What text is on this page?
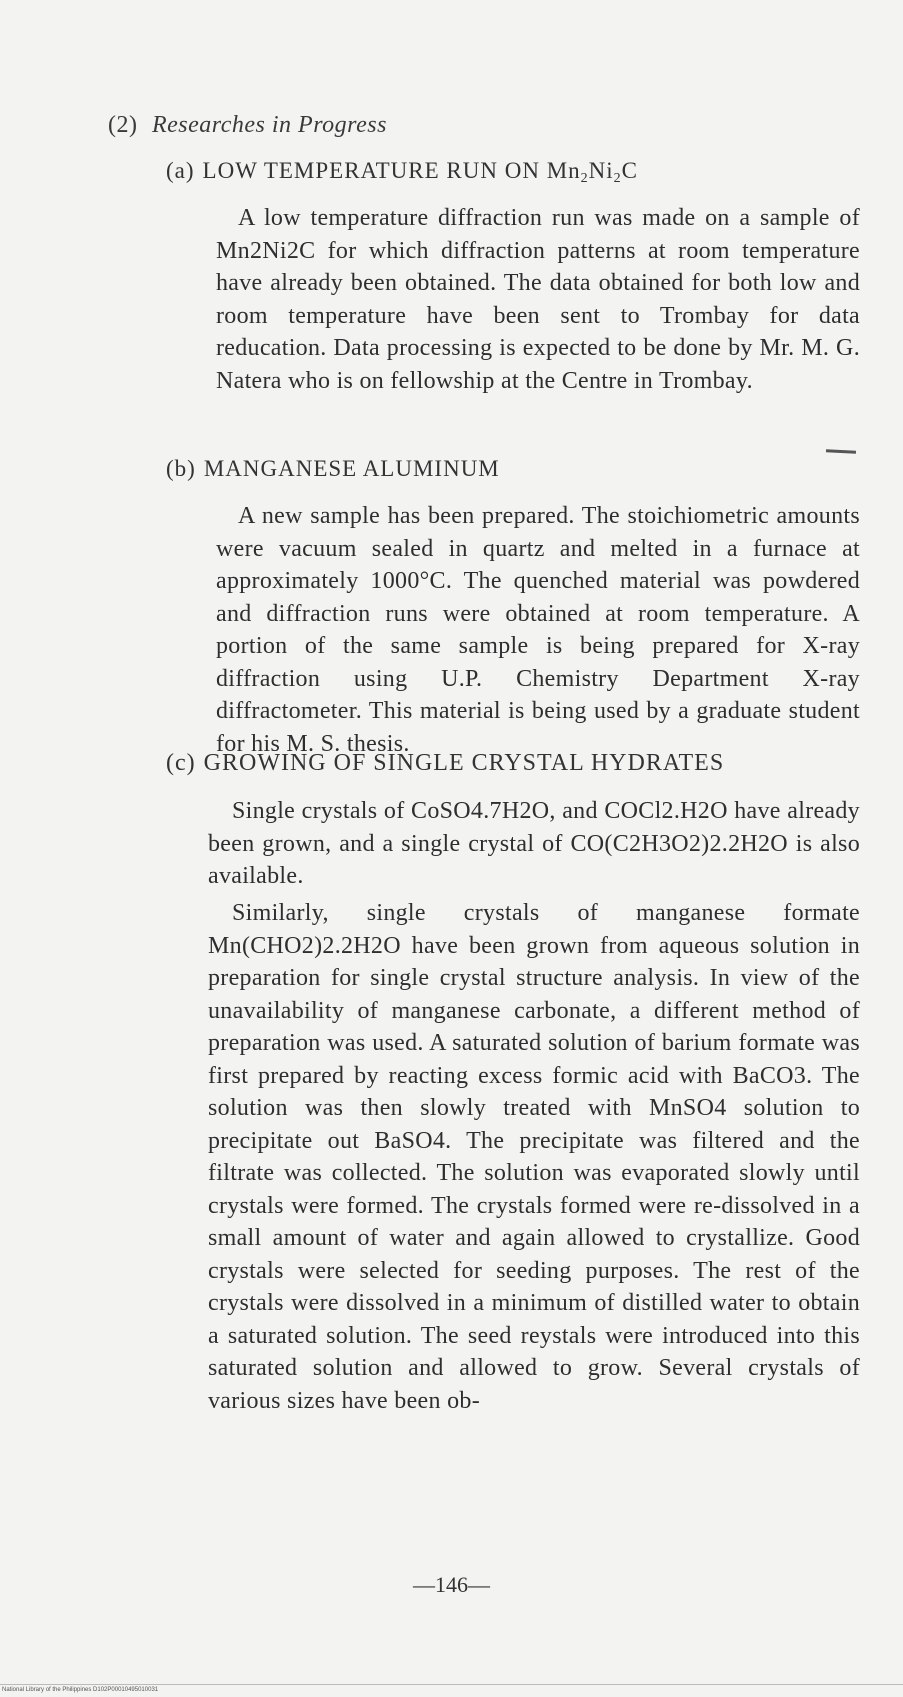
(2) Researches in Progress
(a) LOW TEMPERATURE RUN ON $Mn_2Ni_2C$
A low temperature diffraction run was made on a sample of Mn2Ni2C for which diffraction patterns at room temperature have already been obtained. The data obtained for both low and room temperature have been sent to Trombay for data reducation. Data processing is expected to be done by Mr. M. G. Natera who is on fellowship at the Centre in Trombay.
(b) MANGANESE ALUMINUM
A new sample has been prepared. The stoichiometric amounts were vacuum sealed in quartz and melted in a furnace at approximately 1000°C. The quenched material was powdered and diffraction runs were obtained at room temperature. A portion of the same sample is being prepared for X-ray diffraction using U.P. Chemistry Department X-ray diffractometer. This material is being used by a graduate student for his M. S. thesis.
(c) GROWING OF SINGLE CRYSTAL HYDRATES
Single crystals of CoSO4.7H2O, and COCl2.H2O have already been grown, and a single crystal of CO(C2H3O2)2.2H2O is also available.
Similarly, single crystals of manganese formate Mn(CHO2)2.2H2O have been grown from aqueous solution in preparation for single crystal structure analysis. In view of the unavailability of manganese carbonate, a different method of preparation was used. A saturated solution of barium formate was first prepared by reacting excess formic acid with BaCO3. The solution was then slowly treated with MnSO4 solution to precipitate out BaSO4. The precipitate was filtered and the filtrate was collected. The solution was evaporated slowly until crystals were formed. The crystals formed were re-dissolved in a small amount of water and again allowed to crystallize. Good crystals were selected for seeding purposes. The rest of the crystals were dissolved in a minimum of distilled water to obtain a saturated solution. The seed reystals were introduced into this saturated solution and allowed to grow. Several crystals of various sizes have been ob-
—146—
National Library of the Philippines D102P00010495010031
